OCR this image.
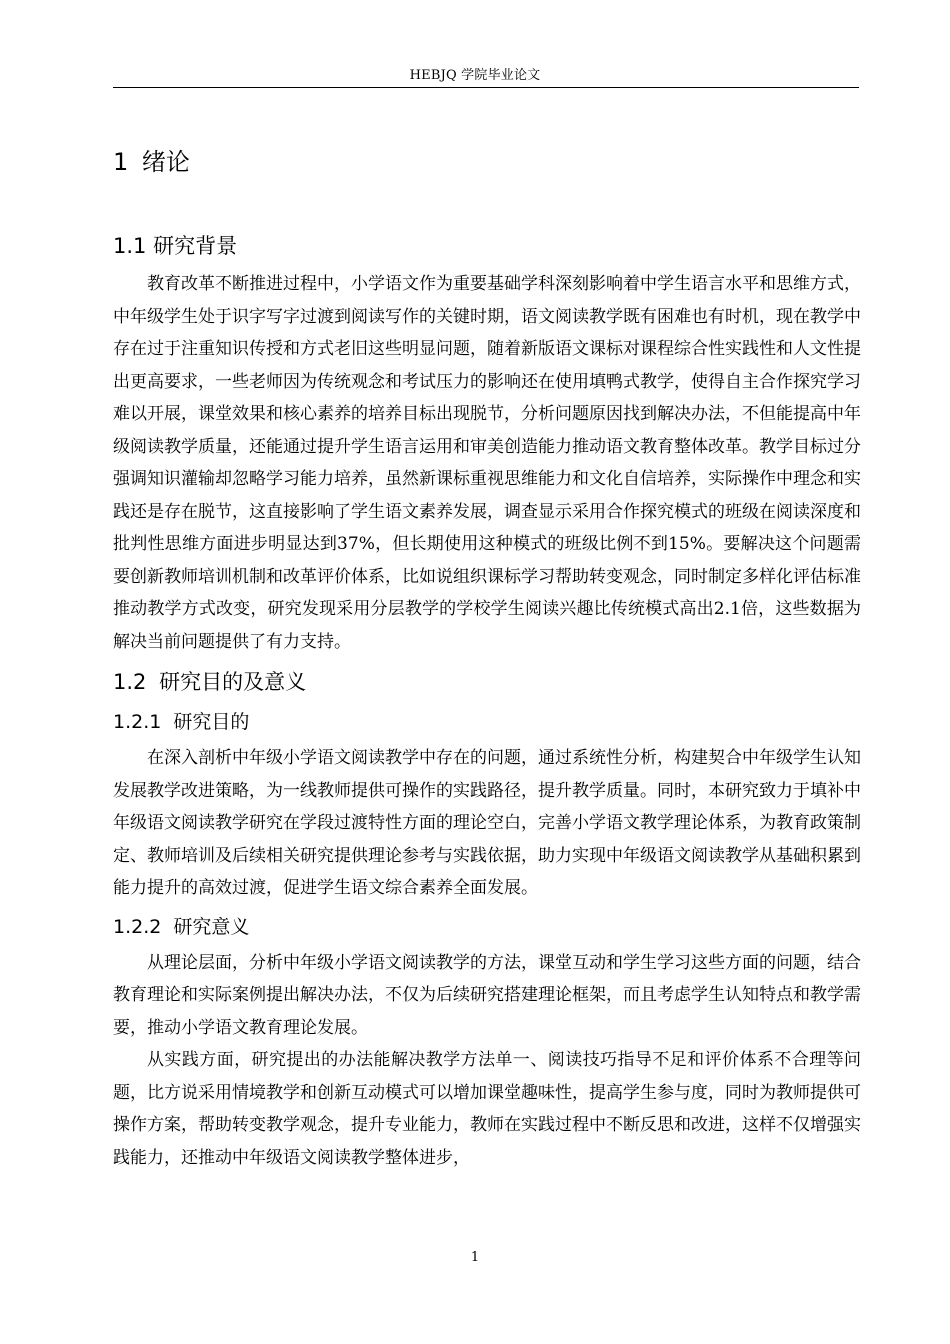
HEBJQ 学院毕业论文
1 绪论
1.1 研究背景

教育改革不断推进过程中，小学语文作为重要基础学科深刻影响着中学生语言水平和思维方式，中年级学生处于识字写字过渡到阅读写作的关键时期，语文阅读教学既有困难也有时机，现在教学中存在过于注重知识传授和方式老旧这些明显问题，随着新版语文课标对课程综合性实践性和人文性提出更高要求，一些老师因为传统观念和考试压力的影响还在使用填鸭式教学，使得自主合作探究学习难以开展，课堂效果和核心素养的培养目标出现脱节，分析问题原因找到解决办法，不但能提高中年级阅读教学质量，还能通过提升学生语言运用和审美创造能力推动语文教育整体改革。教学目标过分强调知识灌输却忽略学习能力培养，虽然新课标重视思维能力和文化自信培养，实际操作中理念和实践还是存在脱节，这直接影响了学生语文素养发展，调查显示采用合作探究模式的班级在阅读深度和批判性思维方面进步明显达到37%，但长期使用这种模式的班级比例不到15%。要解决这个问题需要创新教师培训机制和改革评价体系，比如说组织课标学习帮助转变观念，同时制定多样化评估标准推动教学方式改变，研究发现采用分层教学的学校学生阅读兴趣比传统模式高出2.1倍，这些数据为解决当前问题提供了有力支持。

1.2 研究目的及意义
1.2.1 研究目的

在深入剖析中年级小学语文阅读教学中存在的问题，通过系统性分析，构建契合中年级学生认知发展教学改进策略，为一线教师提供可操作的实践路径，提升教学质量。同时，本研究致力于填补中年级语文阅读教学研究在学段过渡特性方面的理论空白，完善小学语文教学理论体系，为教育政策制定、教师培训及后续相关研究提供理论参考与实践依据，助力实现中年级语文阅读教学从基础积累到能力提升的高效过渡，促进学生语文综合素养全面发展。

1.2.2 研究意义

从理论层面，分析中年级小学语文阅读教学的方法，课堂互动和学生学习这些方面的问题，结合教育理论和实际案例提出解决办法，不仅为后续研究搭建理论框架，而且考虑学生认知特点和教学需要，推动小学语文教育理论发展。

从实践方面，研究提出的办法能解决教学方法单一、阅读技巧指导不足和评价体系不合理等问题，比方说采用情境教学和创新互动模式可以增加课堂趣味性，提高学生参与度，同时为教师提供可操作方案，帮助转变教学观念，提升专业能力，教师在实践过程中不断反思和改进，这样不仅增强实践能力，还推动中年级语文阅读教学整体进步，

1
